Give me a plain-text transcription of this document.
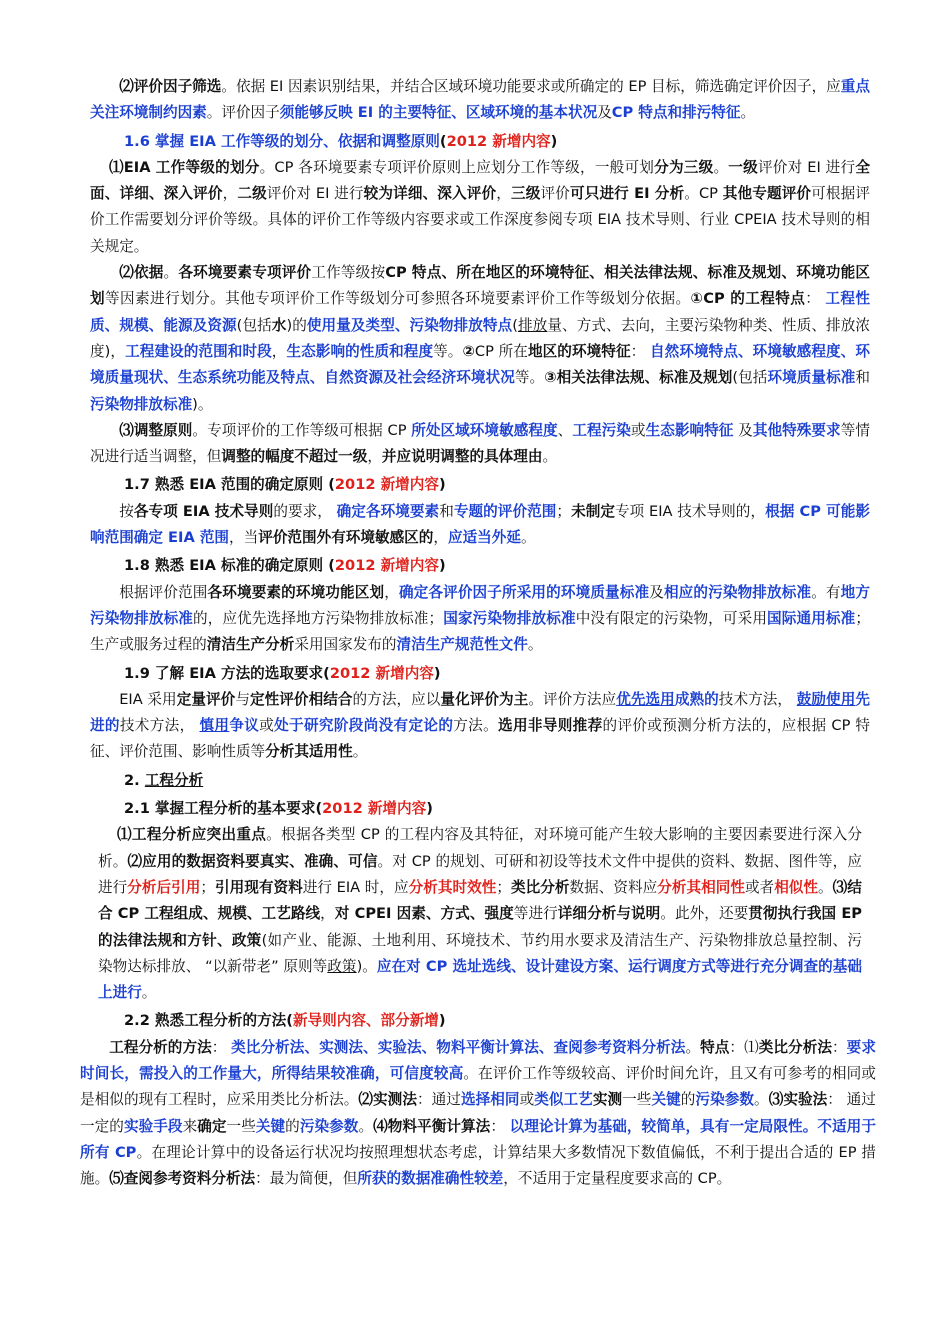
⑵评价因子筛选。依据 EI 因素识别结果，并结合区域环境功能要求或所确定的 EP 目标，筛选确定评价因子，应重点关注环境制约因素。评价因子须能够反映 EI 的主要特征、区域环境的基本状况及CP 特点和排污特征。
1.6 掌握 EIA 工作等级的划分、依据和调整原则(2012 新增内容)
⑴EIA 工作等级的划分。CP 各环境要素专项评价原则上应划分工作等级，一般可划分为三级。一级评价对 EI 进行全面、详细、深入评价，二级评价对 EI 进行较为详细、深入评价，三级评价可只进行 EI 分析。CP 其他专题评价可根据评价工作需要划分评价等级。具体的评价工作等级内容要求或工作深度参阅专项 EIA 技术导则、行业 CPEIA 技术导则的相关规定。
⑵依据。各环境要素专项评价工作等级按CP 特点、所在地区的环境特征、相关法律法规、标准及规划、环境功能区划等因素进行划分。其他专项评价工作等级划分可参照各环境要素评价工作等级划分依据。①CP 的工程特点： 工程性质、规模、能源及资源(包括水)的使用量及类型、污染物排放特点(排放量、方式、去向，主要污染物种类、性质、排放浓度)，工程建设的范围和时段，生态影响的性质和程度等。②CP 所在地区的环境特征： 自然环境特点、环境敏感程度、环境质量现状、生态系统功能及特点、自然资源及社会经济环境状况等。③相关法律法规、标准及规划(包括环境质量标准和污染物排放标准)。
⑶调整原则。专项评价的工作等级可根据 CP 所处区域环境敏感程度、工程污染或生态影响特征 及其他特殊要求等情况进行适当调整，但调整的幅度不超过一级，并应说明调整的具体理由。
1.7 熟悉 EIA 范围的确定原则 (2012 新增内容)
按各专项 EIA 技术导则的要求， 确定各环境要素和专题的评价范围；未制定专项 EIA 技术导则的，根据 CP 可能影响范围确定 EIA 范围，当评价范围外有环境敏感区的，应适当外延。
1.8 熟悉 EIA 标准的确定原则 (2012 新增内容)
根据评价范围各环境要素的环境功能区划，确定各评价因子所采用的环境质量标准及相应的污染物排放标准。有地方污染物排放标准的，应优先选择地方污染物排放标准；国家污染物排放标准中没有限定的污染物，可采用国际通用标准；生产或服务过程的清洁生产分析采用国家发布的清洁生产规范性文件。
1.9 了解 EIA 方法的选取要求(2012 新增内容)
EIA 采用定量评价与定性评价相结合的方法，应以量化评价为主。评价方法应优先选用成熟的技术方法， 鼓励使用先进的技术方法， 慎用争议或处于研究阶段尚没有定论的方法。选用非导则推荐的评价或预测分析方法的，应根据 CP 特征、评价范围、影响性质等分析其适用性。
2. 工程分析
2.1 掌握工程分析的基本要求(2012 新增内容)
⑴工程分析应突出重点。根据各类型 CP 的工程内容及其特征，对环境可能产生较大影响的主要因素要进行深入分析。⑵应用的数据资料要真实、准确、可信。对 CP 的规划、可研和初设等技术文件中提供的资料、数据、图件等，应进行分析后引用；引用现有资料进行 EIA 时，应分析其时效性；类比分析数据、资料应分析其相同性或者相似性。⑶结合 CP 工程组成、规模、工艺路线，对 CPEI 因素、方式、强度等进行详细分析与说明。此外，还要贯彻执行我国 EP 的法律法规和方针、政策(如产业、能源、土地利用、环境技术、节约用水要求及清洁生产、污染物排放总量控制、污染物达标排放、 “以新带老” 原则等政策)。应在对 CP 选址选线、设计建设方案、运行调度方式等进行充分调查的基础上进行。
2.2 熟悉工程分析的方法(新导则内容、部分新增)
工程分析的方法： 类比分析法、实测法、实验法、物料平衡计算法、查阅参考资料分析法。特点：⑴类比分析法：要求时间长，需投入的工作量大，所得结果较准确，可信度较高。在评价工作等级较高、评价时间允许，且又有可参考的相同或是相似的现有工程时，应采用类比分析法。⑵实测法：通过选择相同或类似工艺实测一些关键的污染参数。⑶实验法： 通过一定的实验手段来确定一些关键的污染参数。⑷物料平衡计算法： 以理论计算为基础，较简单，具有一定局限性。不适用于所有 CP。在理论计算中的设备运行状况均按照理想状态考虑，计算结果大多数情况下数值偏低，不利于提出合适的 EP 措施。⑸查阅参考资料分析法：最为简便，但所获的数据准确性较差，不适用于定量程度要求高的 CP。
